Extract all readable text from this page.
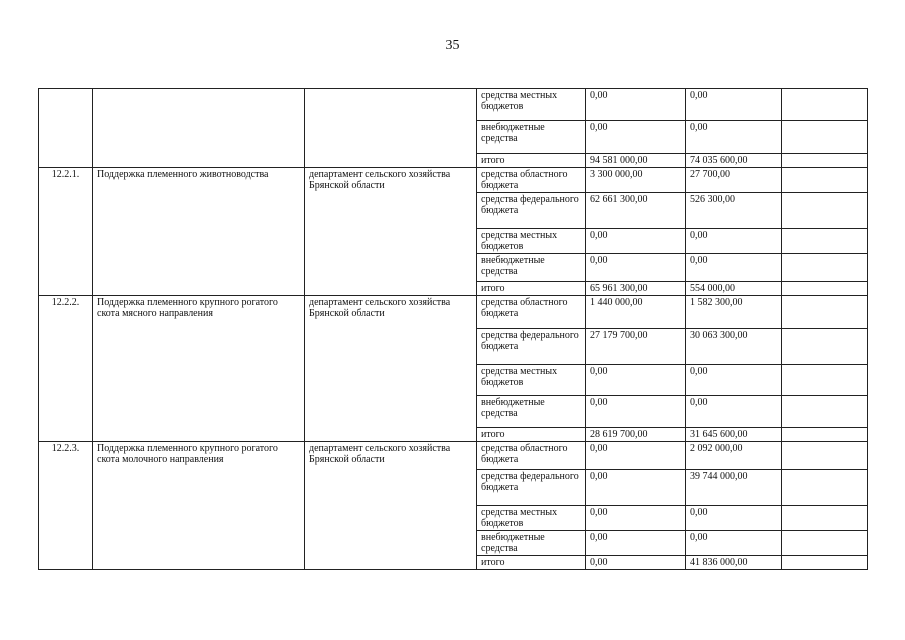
35
			средства местных бюджетов	0,00	0,00	
			внебюджетные средства	0,00	0,00	
			итого	94 581 000,00	74 035 600,00	
12.2.1.	Поддержка племенного животноводства	департамент сельского хозяйства Брянской области	средства областного бюджета	3 300 000,00	27 700,00	
			средства федерального бюджета	62 661 300,00	526 300,00	
			средства местных бюджетов	0,00	0,00	
			внебюджетные средства	0,00	0,00	
			итого	65 961 300,00	554 000,00	
12.2.2.	Поддержка племенного крупного рогатого скота мясного направления	департамент сельского хозяйства Брянской области	средства областного бюджета	1 440 000,00	1 582 300,00	
			средства федерального бюджета	27 179 700,00	30 063 300,00	
			средства местных бюджетов	0,00	0,00	
			внебюджетные средства	0,00	0,00	
			итого	28 619 700,00	31 645 600,00	
12.2.3.	Поддержка племенного крупного рогатого скота молочного направления	департамент сельского хозяйства Брянской области	средства областного бюджета	0,00	2 092 000,00	
			средства федерального бюджета	0,00	39 744 000,00	
			средства местных бюджетов	0,00	0,00	
			внебюджетные средства	0,00	0,00	
			итого	0,00	41 836 000,00	
